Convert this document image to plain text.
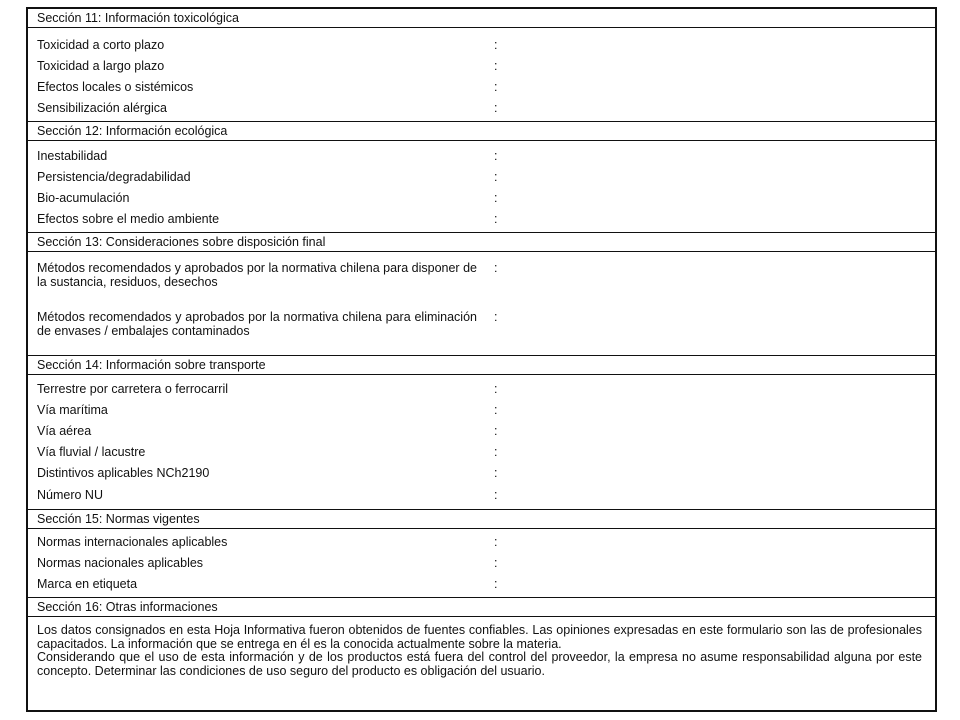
Sección 11: Información toxicológica
Toxicidad a corto plazo	:
Toxicidad a largo plazo	:
Efectos locales o sistémicos	:
Sensibilización alérgica	:
Sección 12: Información ecológica
Inestabilidad	:
Persistencia/degradabilidad	:
Bio-acumulación	:
Efectos sobre el medio ambiente	:
Sección 13: Consideraciones sobre disposición final
Métodos recomendados y aprobados por la normativa chilena para disponer de la sustancia, residuos, desechos
:
Métodos recomendados y aprobados por la normativa chilena para eliminación de envases / embalajes contaminados
:
Sección 14: Información sobre transporte
Terrestre por carretera o ferrocarril	:
Vía marítima	:
Vía aérea	:
Vía fluvial / lacustre	:
Distintivos aplicables NCh2190	:
Número NU	:
Sección 15: Normas vigentes
Normas internacionales aplicables	:
Normas nacionales aplicables	:
Marca en etiqueta	:
Sección 16: Otras informaciones

Los datos consignados en esta Hoja Informativa fueron obtenidos de fuentes confiables. Las opiniones expresadas en este formulario son las de profesionales capacitados. La información que se entrega en él es la conocida actualmente sobre la materia.

Considerando que el uso de esta información y de los productos está fuera del control del proveedor, la empresa no asume responsabilidad alguna por este concepto. Determinar las condiciones de uso seguro del producto es obligación del usuario.
